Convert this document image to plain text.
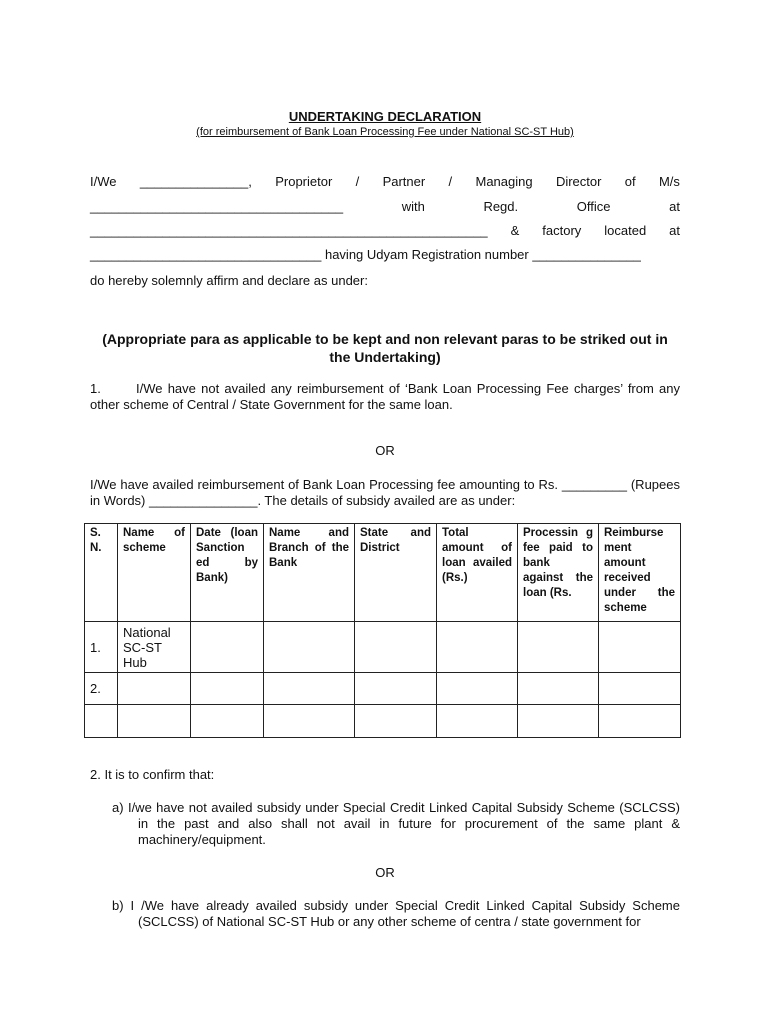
UNDERTAKING DECLARATION
(for reimbursement of Bank Loan Processing Fee under National SC-ST Hub)
I/We _______________, Proprietor / Partner / Managing Director of M/s
___________________________________	with	Regd.	Office	at
_______________________________________________________ & factory located at
________________________________ having Udyam Registration number _______________
do hereby solemnly affirm and declare as under:
(Appropriate para as applicable to be kept and non relevant paras to be striked out in the Undertaking)
1.	I/We have not availed any reimbursement of ‘Bank Loan Processing Fee charges’ from any other scheme of Central / State Government for the same loan.
OR
I/We have availed reimbursement of Bank Loan Processing fee amounting to Rs. _________ (Rupees in Words) _______________. The details of subsidy availed are as under:
S. N.	Name of scheme	Date (loan Sanction ed by Bank)	Name and Branch of the Bank	State and District	Total amount of loan availed (Rs.)	Processin g fee paid to bank against the loan (Rs.	Reimburse ment amount received under the scheme
1.	National SC-ST Hub						
2.							

2. It is to confirm that:
a) I/we have not availed subsidy under Special Credit Linked Capital Subsidy Scheme (SCLCSS) in the past and also shall not avail in future for procurement of the same plant & machinery/equipment.
OR
b) I /We have already availed subsidy under Special Credit Linked Capital Subsidy Scheme (SCLCSS) of National SC-ST Hub or any other scheme of centra / state government for
